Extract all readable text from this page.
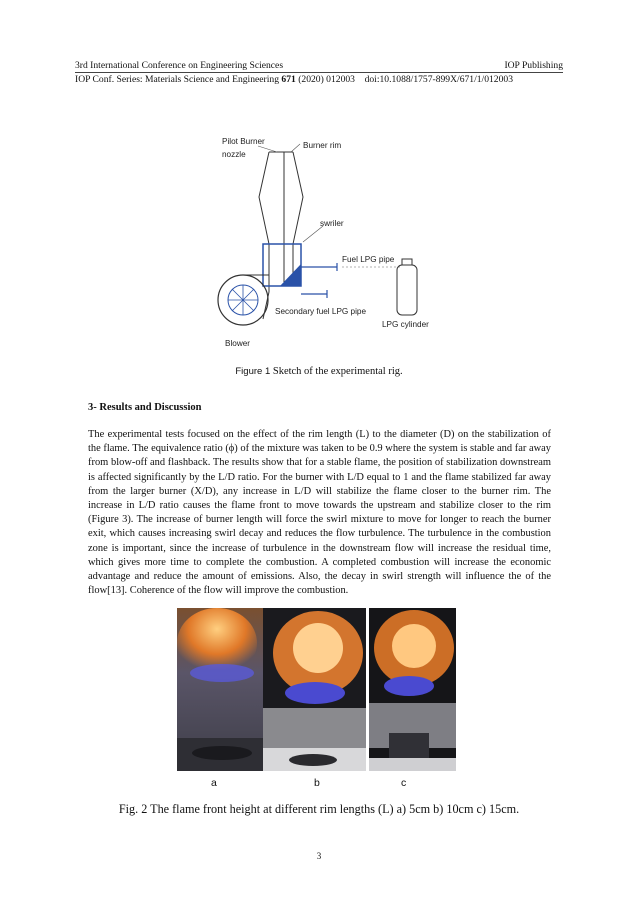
3rd International Conference on Engineering Sciences	IOP Publishing
IOP Conf. Series: Materials Science and Engineering 671 (2020) 012003 doi:10.1088/1757-899X/671/1/012003
Pilot Burner
nozzle
Burner rim
swriler
Fuel LPG pipe
Secondary fuel LPG pipe
LPG cylinder
Blower
Figure 1 Sketch of the experimental rig.
3- Results and Discussion
The experimental tests focused on the effect of the rim length (L) to the diameter (D) on the stabilization of the flame. The equivalence ratio (ϕ) of the mixture was taken to be 0.9 where the system is stable and far away from blow-off and flashback. The results show that for a stable flame, the position of stabilization downstream is affected significantly by the L/D ratio. For the burner with L/D equal to 1 and the flame stabilized far away from the larger burner (X/D), any increase in L/D will stabilize the flame closer to the burner rim. The increase in L/D ratio causes the flame front to move towards the upstream and stabilize closer to the rim (Figure 3). The increase of burner length will force the swirl mixture to move for longer to reach the burner exit, which causes increasing swirl decay and reduces the flow turbulence. The turbulence in the combustion zone is important, since the increase of turbulence in the downstream flow will increase the residual time, which gives more time to complete the combustion. A completed combustion will increase the economic advantage and reduce the amount of emissions. Also, the decay in swirl strength will influence the of the flow[13]. Coherence of the flow will improve the combustion.
a	b	c
Fig. 2 The flame front height at different rim lengths (L) a) 5cm b) 10cm c) 15cm.
3
